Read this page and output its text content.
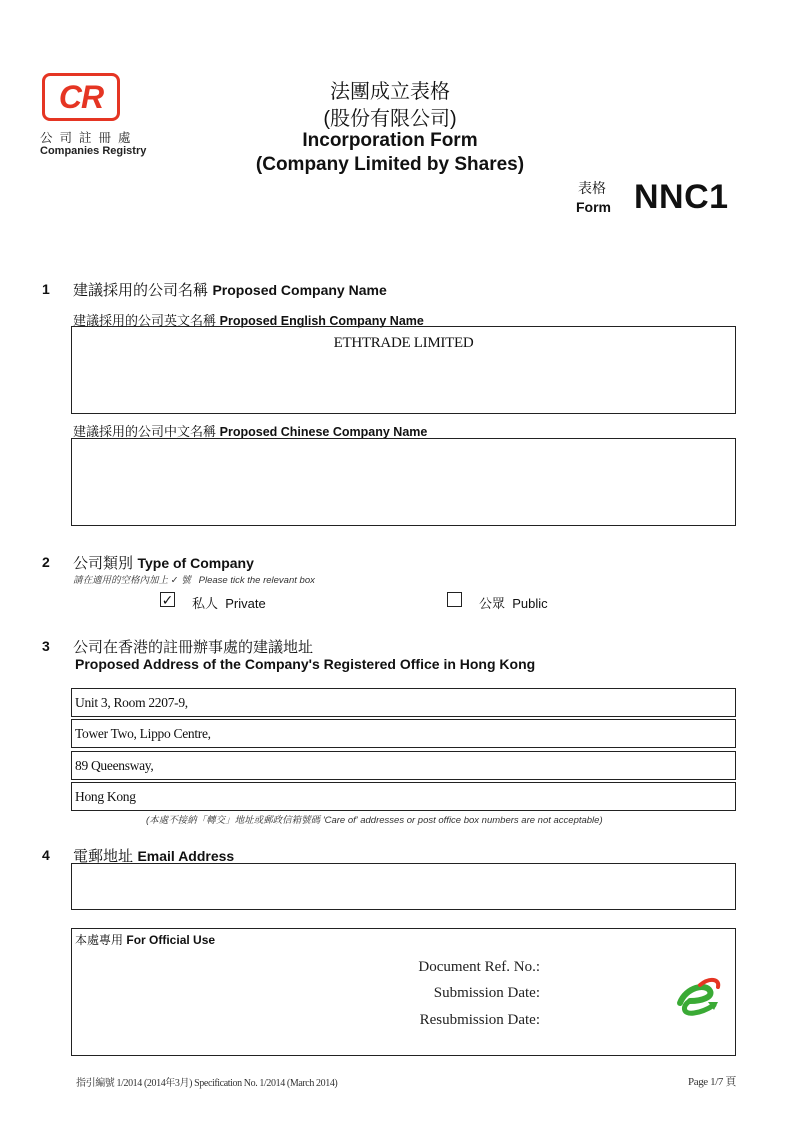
CR
公司註冊處
Companies Registry
法團成立表格
(股份有限公司)
Incorporation Form
(Company Limited by Shares)
表格
Form NNC1
1 建議採用的公司名稱 Proposed Company Name
建議採用的公司英文名稱 Proposed English Company Name
ETHTRADE LIMITED
建議採用的公司中文名稱 Proposed Chinese Company Name
2 公司類別 Type of Company
請在適用的空格內加上 ✓ 號 Please tick the relevant box
✓ 私人 Private	公眾 Public
3 公司在香港的註冊辦事處的建議地址
Proposed Address of the Company's Registered Office in Hong Kong
Unit 3, Room 2207-9,
Tower Two, Lippo Centre,
89 Queensway,
Hong Kong
(本處不接納「轉交」地址或郵政信箱號碼 'Care of' addresses or post office box numbers are not acceptable)
4 電郵地址 Email Address
本處專用 For Official Use
Document Ref. No.:
Submission Date:
Resubmission Date:
指引編號 1/2014 (2014年3月) Specification No. 1/2014 (March 2014)	Page 1/7 頁
